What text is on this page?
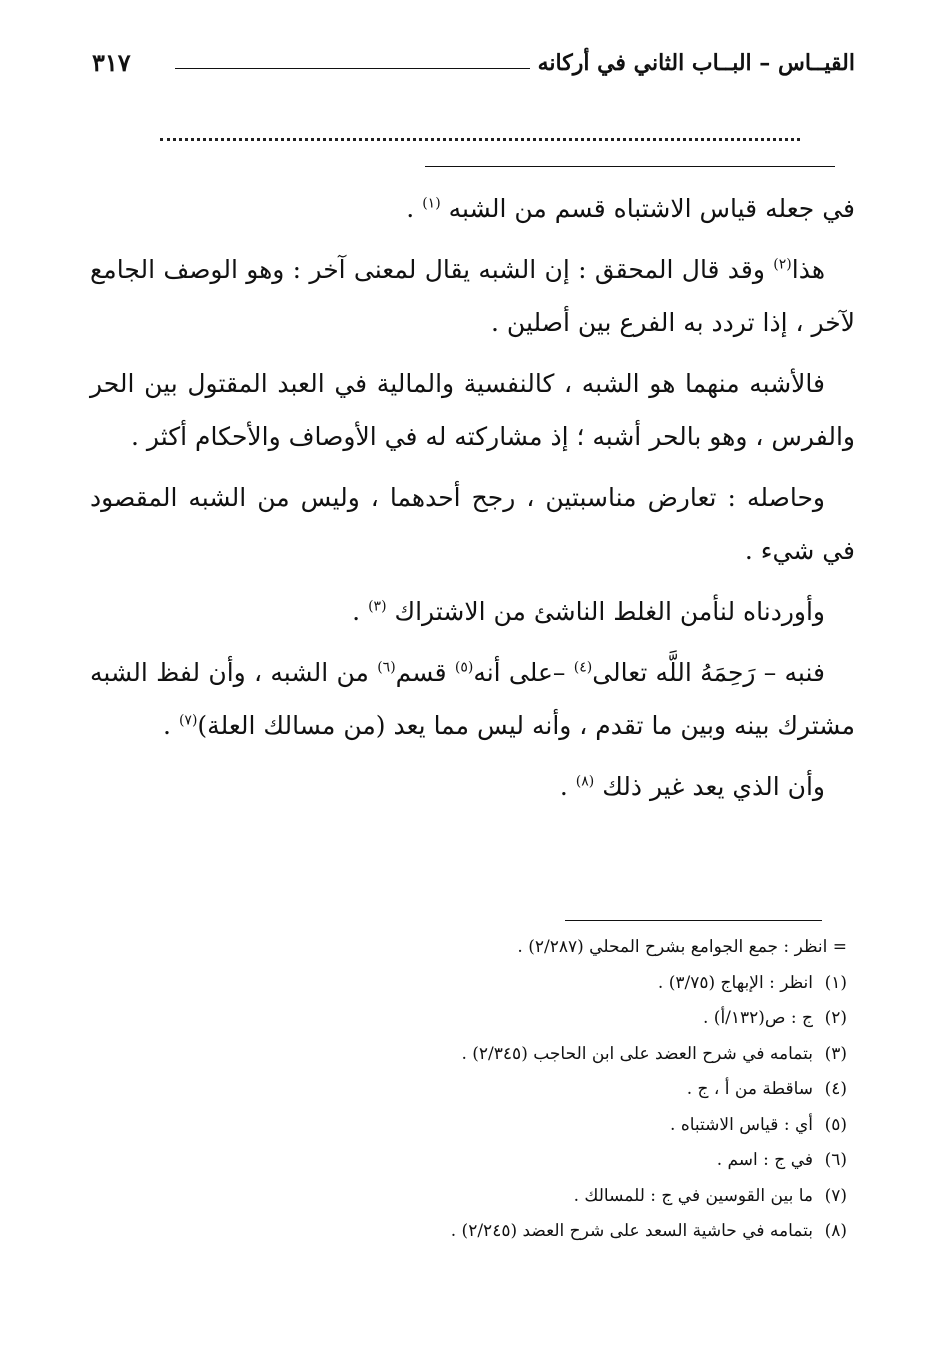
القيــاس – البــاب الثاني في أركانه
٣١٧

في جعله قياس الاشتباه قسم من الشبه $^{(١)}$ .

هذا$^{(٢)}$ وقد قال المحقق : إن الشبه يقال لمعنى آخر : وهو الوصف الجامع لآخر ، إذا تردد به الفرع بين أصلين .

فالأشبه منهما هو الشبه ، كالنفسية والمالية في العبد المقتول بين الحر والفرس ، وهو بالحر أشبه ؛ إذ مشاركته له في الأوصاف والأحكام أكثر .

وحاصله : تعارض مناسبتين ، رجح أحدهما ، وليس من الشبه المقصود في شيء .

وأوردناه لنأمن الغلط الناشئ من الاشتراك $^{(٣)}$ .

فنبه – رَحِمَهُ اللَّه تعالى$^{(٤)}$ –على أنه$^{(٥)}$ قسم$^{(٦)}$ من الشبه ، وأن لفظ الشبه مشترك بينه وبين ما تقدم ، وأنه ليس مما يعد (من مسالك العلة)$^{(٧)}$ .

وأن الذي يعد غير ذلك $^{(٨)}$ .

= انظر : جمع الجوامع بشرح المحلي (٢/٢٨٧) .
(١)انظر : الإبهاج (٣/٧٥) .
(٢)ج : ص(١٣٢/أ) .
(٣)بتمامه في شرح العضد على ابن الحاجب (٢/٣٤٥) .
(٤)ساقطة من أ ، ج .
(٥)أي : قياس الاشتباه .
(٦)في ج : اسم .
(٧)ما بين القوسين في ج : للمسالك .
(٨)بتمامه في حاشية السعد على شرح العضد (٢/٢٤٥) .
